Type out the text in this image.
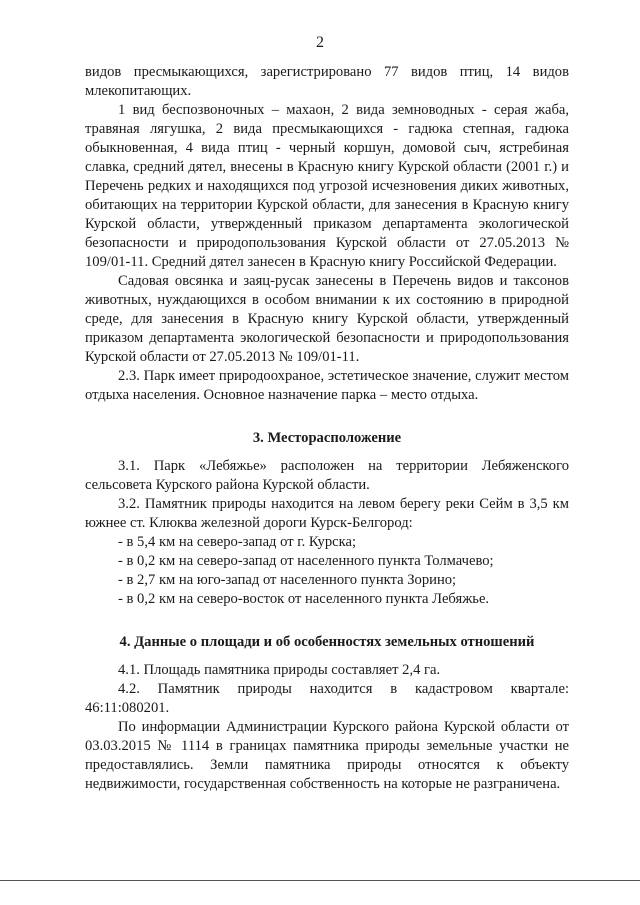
2

видов пресмыкающихся, зарегистрировано 77 видов птиц, 14 видов млекопитающих.

1 вид беспозвоночных – махаон, 2 вида земноводных - серая жаба, травяная лягушка, 2 вида пресмыкающихся - гадюка степная, гадюка обыкновенная, 4 вида птиц - черный коршун, домовой сыч, ястребиная славка, средний дятел, внесены в Красную книгу Курской области (2001 г.) и Перечень редких и находящихся под угрозой исчезновения диких животных, обитающих на территории Курской области, для занесения в Красную книгу Курской области, утвержденный приказом департамента экологической безопасности и природопользования Курской области от 27.05.2013 № 109/01-11. Средний дятел занесен в Красную книгу Российской Федерации.

Садовая овсянка и заяц-русак занесены в Перечень видов и таксонов животных, нуждающихся в особом внимании к их состоянию в природной среде, для занесения в Красную книгу Курской области, утвержденный приказом департамента экологической безопасности и природопользования Курской области от 27.05.2013 № 109/01-11.

2.3. Парк имеет природоохраное, эстетическое значение, служит местом отдыха населения. Основное назначение парка – место отдыха.

3. Месторасположение

3.1. Парк «Лебяжье» расположен на территории Лебяженского сельсовета Курского района Курской области.

3.2. Памятник природы находится на левом берегу реки Сейм в 3,5 км южнее ст. Клюква железной дороги Курск-Белгород:

- в 5,4 км на северо-запад от г. Курска;

- в 0,2 км на северо-запад от населенного пункта Толмачево;

- в 2,7 км на юго-запад от населенного пункта Зорино;

- в 0,2 км на северо-восток от населенного пункта Лебяжье.

4. Данные о площади и об особенностях земельных отношений

4.1. Площадь памятника природы составляет 2,4 га.

4.2. Памятник природы находится в кадастровом квартале: 46:11:080201.

По информации Администрации Курского района Курской области от 03.03.2015 № 1114 в границах памятника природы земельные участки не предоставлялись. Земли памятника природы относятся к объекту недвижимости, государственная собственность на которые не разграничена.
